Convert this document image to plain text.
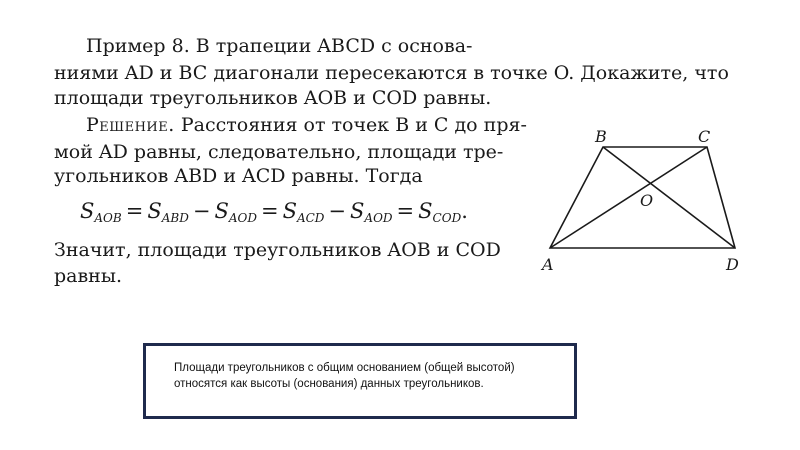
Пример 8. В трапеции ABCD с основа-
ниями AD и BC диагонали пересекаются в точке O. Докажите, что
площади треугольников AOB и COD равны.
Решение. Расстояния от точек B и C до пря-
мой AD равны, следовательно, площади тре-
угольников ABD и ACD равны. Тогда
$S_{AOB} = S_{ABD} - S_{AOD} = S_{ACD} - S_{AOD} = S_{COD}$.
Значит, площади треугольников AOB и COD
равны.
A
B	C
D
O
Площади треугольников с общим основанием (общей высотой) относятся как высоты (основания) данных треугольников.
